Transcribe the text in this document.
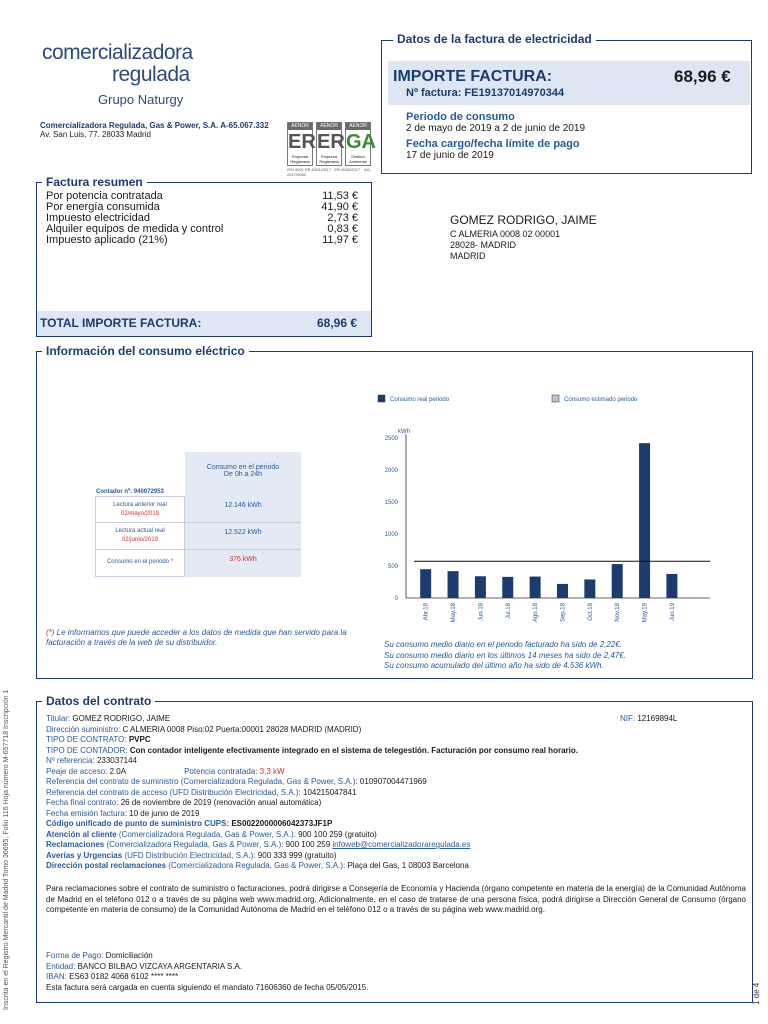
comercializadora
regulada
Grupo Naturgy
Comercializadora Regulada, Gas & Power, S.A. A-65.067.332
Av. San Luis, 77. 28033 Madrid
AENOR
ER
Empresa Registrada
AENOR
ER
Empresa Registrada
AENOR
GA
Gestión Ambiental
ISO 9001 ER-0051/2017 · ER-0000/2017 · GA-2017/0063
Datos de la factura de electricidad
IMPORTE FACTURA:	68,96 €
Nº factura: FE19137014970344
Periodo de consumo
2 de mayo de 2019 a 2 de junio de 2019
Fecha cargo/fecha límite de pago
17 de junio de 2019
Factura resumen
Por potencia contratada	11,53 €
Por energía consumida	41,90 €
Impuesto electricidad	2,73 €
Alquiler equipos de medida y control	0,83 €
Impuesto aplicado (21%)	11,97 €
TOTAL IMPORTE FACTURA:	68,96 €
GOMEZ RODRIGO, JAIME
C ALMERIA 0008 02 00001
28028- MADRID
MADRID
Información del consumo eléctrico
Consumo en el periodo
De 0h a 24h
Contador nº: 940072953
Lectura anterior real
02/mayo/2019
12.146 kWh
Lectura actual real
02/junio/2019
12.522 kWh
Consumo en el periodo *	376 kWh
(*) Le informamos que puede acceder a los datos de medida que han servido para la facturación a través de la web de su distribuidor.
Consumo real periodo	Consumo estimado periodo
0
500
1000
1500
2000
2500
kWh
Abr.18	May.18	Jun.18	Jul.18	Ago.18	Sep.18	Oct.18	Nov.18	May.19	Jun.19
Su consumo medio diario en el periodo facturado ha sido de 2,22€.
Su consumo medio diario en los últimos 14 meses ha sido de 2,47€.
Su consumo acumulado del último año ha sido de 4.536 kWh.
Datos del contrato
Titular: GOMEZ RODRIGO, JAIME
Dirección suministro: C ALMERIA 0008 Piso:02 Puerta:00001 28028 MADRID (MADRID)
TIPO DE CONTRATO: PVPC
TIPO DE CONTADOR: Con contador inteligente efectivamente integrado en el sistema de telegestión. Facturación por consumo real horario.
Nº referencia: 233037144
Peaje de acceso: 2.0A	Potencia contratada: 3,3 kW
Referencia del contrato de suministro (Comercializadora Regulada, Gas & Power, S.A.): 010907004471969
Referencia del contrato de acceso (UFD Distribución Electricidad, S.A.): 104215047841
Fecha final contrato: 26 de noviembre de 2019 (renovación anual automática)
Fecha emisión factura: 10 de junio de 2019
Código unificado de punto de suministro CUPS: ES0022000006042373JF1P
Atención al cliente (Comercializadora Regulada, Gas & Power, S.A.): 900 100 259 (gratuito)
Reclamaciones (Comercializadora Regulada, Gas & Power, S.A.): 900 100 259 infoweb@comercializadoraregulada.es
Averías y Urgencias (UFD Distribución Electricidad, S.A.): 900 333 999 (gratuito)
Dirección postal reclamaciones (Comercializadora Regulada, Gas & Power, S.A.): Plaça del Gas, 1 08003 Barcelona
NIF: 12169894L
Para reclamaciones sobre el contrato de suministro o facturaciones, podrá dirigirse a Consejería de Economía y Hacienda (órgano competente en materia de la energía) de la Comunidad Autónoma de Madrid en el teléfono 012 o a través de su página web www.madrid.org. Adicionalmente, en el caso de tratarse de una persona física, podrá dirigirse a Dirección General de Consumo (órgano competente en materia de consumo) de la Comunidad Autónoma de Madrid en el teléfono 012 o a través de su página web www.madrid.org.
Forma de Pago: Domiciliación
Entidad: BANCO BILBAO VIZCAYA ARGENTARIA S.A.
IBAN: ES63 0182 4068 6102 **** ****
Esta factura será cargada en cuenta siguiendo el mandato 71606360 de fecha 05/05/2015.
Inscrita en el Registro Mercantil de Madrid Tomo 36695, Folio 116 Hoja número M-657718 Inscripción 1	1 de 4
